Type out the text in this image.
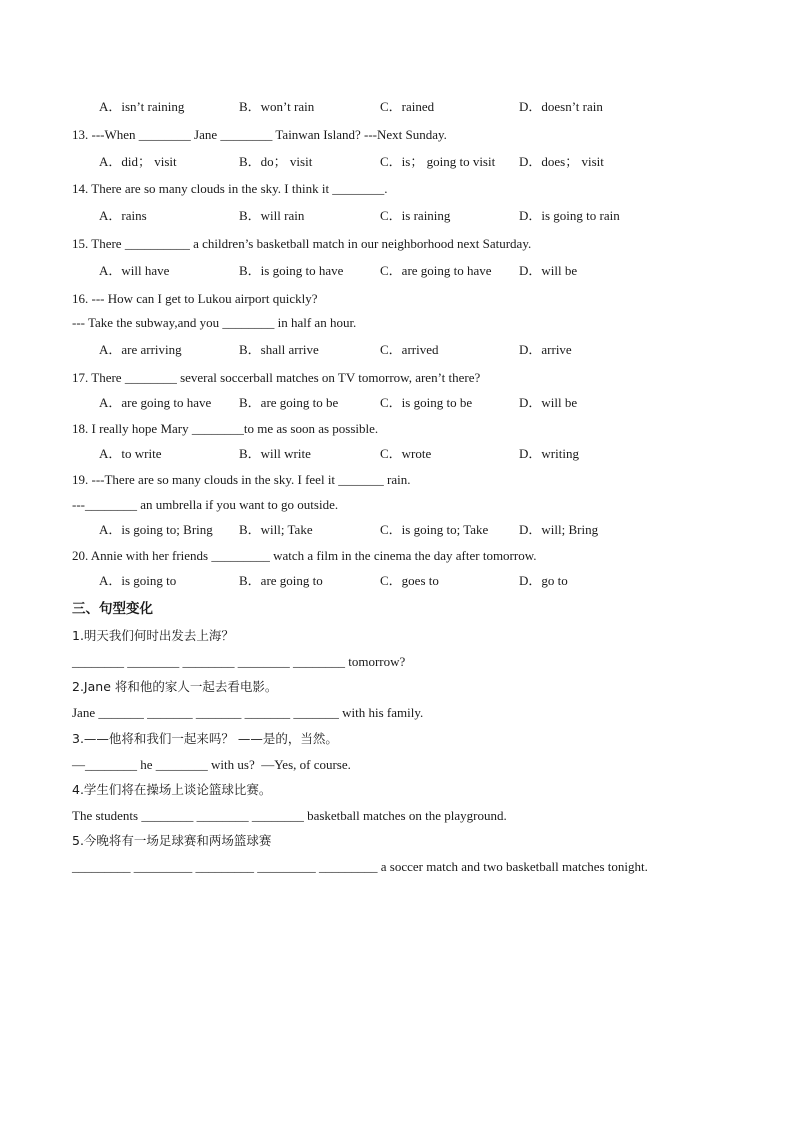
A．isn’t raining	B．won’t rain	C．rained	D．doesn’t rain
13. ---When ________ Jane ________ Tainwan Island? ---Next Sunday.
A．did； visit	B．do； visit	C．is； going to visit D．does； visit
14. There are so many clouds in the sky. I think it ________.
A．rains	B．will rain	C．is raining	D．is going to rain
15. There __________ a children’s basketball match in our neighborhood next Saturday.
A．will have	B．is going to have	C．are going to have D．will be
16. --- How can I get to Lukou airport quickly?
--- Take the subway,and you ________ in half an hour.
A．are arriving	B．shall arrive	C．arrived	D．arrive
17. There ________ several soccerball matches on TV tomorrow, aren’t there?
A．are going to have B．are going to be	C．is going to be	D．will be
18. I really hope Mary ________to me as soon as possible.
A．to write	B．will write	C．wrote	D．writing
19. ---There are so many clouds in the sky. I feel it _______ rain.
---________ an umbrella if you want to go outside.
A．is going to; Bring B．will; Take	C．is going to; Take D．will; Bring
20. Annie with her friends _________ watch a film in the cinema the day after tomorrow.
A．is going to	B．are going to	C．goes to	D．go to
三、句型变化
1.明天我们何时出发去上海？
________ ________ ________ ________ ________ tomorrow?
2.Jane 将和他的家人一起去看电影。
Jane _______ _______ _______ _______ _______ with his family.
3.——他将和我们一起来吗？ ——是的，当然。
—________ he ________ with us?  —Yes, of course.
4.学生们将在操场上谈论篮球比赛。
The students ________ ________ ________ basketball matches on the playground.
5.今晚将有一场足球赛和两场篮球赛
_________ _________ _________ _________ _________ a soccer match and two basketball matches tonight.
